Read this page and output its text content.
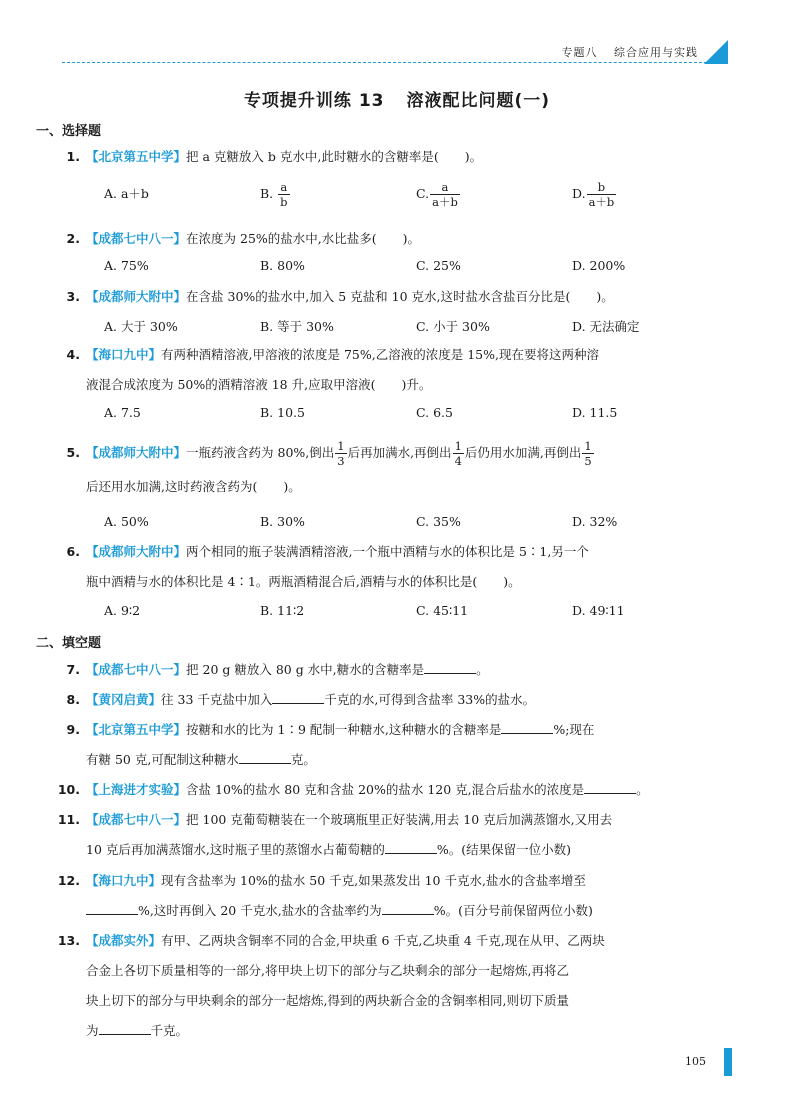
专题八 综合应用与实践
专项提升训练 13 溶液配比问题(一)
一、选择题
1. 【北京第五中学】把 a 克糖放入 b 克水中,此时糖水的含糖率是( )。
A. a＋b	B. $\frac{a}{b}$	C. $\frac{a}{a+b}$	D. $\frac{b}{a+b}$
2. 【成都七中八一】在浓度为 25%的盐水中,水比盐多( )。
A. 75%	B. 80%	C. 25%	D. 200%
3. 【成都师大附中】在含盐 30%的盐水中,加入 5 克盐和 10 克水,这时盐水含盐百分比是( )。
A. 大于 30%	B. 等于 30%	C. 小于 30%	D. 无法确定
4. 【海口九中】有两种酒精溶液,甲溶液的浓度是 75%,乙溶液的浓度是 15%,现在要将这两种溶
液混合成浓度为 50%的酒精溶液 18 升,应取甲溶液( )升。
A. 7.5	B. 10.5	C. 6.5	D. 11.5
5. 【成都师大附中】一瓶药液含药为 80%,倒出 $\frac{1}{3}$ 后再加满水,再倒出 $\frac{1}{4}$ 后仍用水加满,再倒出 $\frac{1}{5}$

后还用水加满,这时药液含药为( )。
A. 50%	B. 30%	C. 35%	D. 32%
6. 【成都师大附中】两个相同的瓶子装满酒精溶液,一个瓶中酒精与水的体积比是 5∶1,另一个
瓶中酒精与水的体积比是 4∶1。两瓶酒精混合后,酒精与水的体积比是( )。
A. 9∶2	B. 11∶2	C. 45∶11	D. 49∶11
二、填空题
7. 【成都七中八一】把 20 g 糖放入 80 g 水中,糖水的含糖率是	。
8. 【黄冈启黄】往 33 千克盐中加入	千克的水,可得到含盐率 33%的盐水。
9. 【北京第五中学】按糖和水的比为 1∶9 配制一种糖水,这种糖水的含糖率是	%;现在
有糖 50 克,可配制这种糖水	克。
10. 【上海进才实验】含盐 10%的盐水 80 克和含盐 20%的盐水 120 克,混合后盐水的浓度是	。
11. 【成都七中八一】把 100 克葡萄糖装在一个玻璃瓶里正好装满,用去 10 克后加满蒸馏水,又用去
10 克后再加满蒸馏水,这时瓶子里的蒸馏水占葡萄糖的	%。(结果保留一位小数)
12. 【海口九中】现有含盐率为 10%的盐水 50 千克,如果蒸发出 10 千克水,盐水的含盐率增至
%,这时再倒入 20 千克水,盐水的含盐率约为	%。(百分号前保留两位小数)
13. 【成都实外】有甲、乙两块含铜率不同的合金,甲块重 6 千克,乙块重 4 千克,现在从甲、乙两块
合金上各切下质量相等的一部分,将甲块上切下的部分与乙块剩余的部分一起熔炼,再将乙
块上切下的部分与甲块剩余的部分一起熔炼,得到的两块新合金的含铜率相同,则切下质量
为	千克。
105
